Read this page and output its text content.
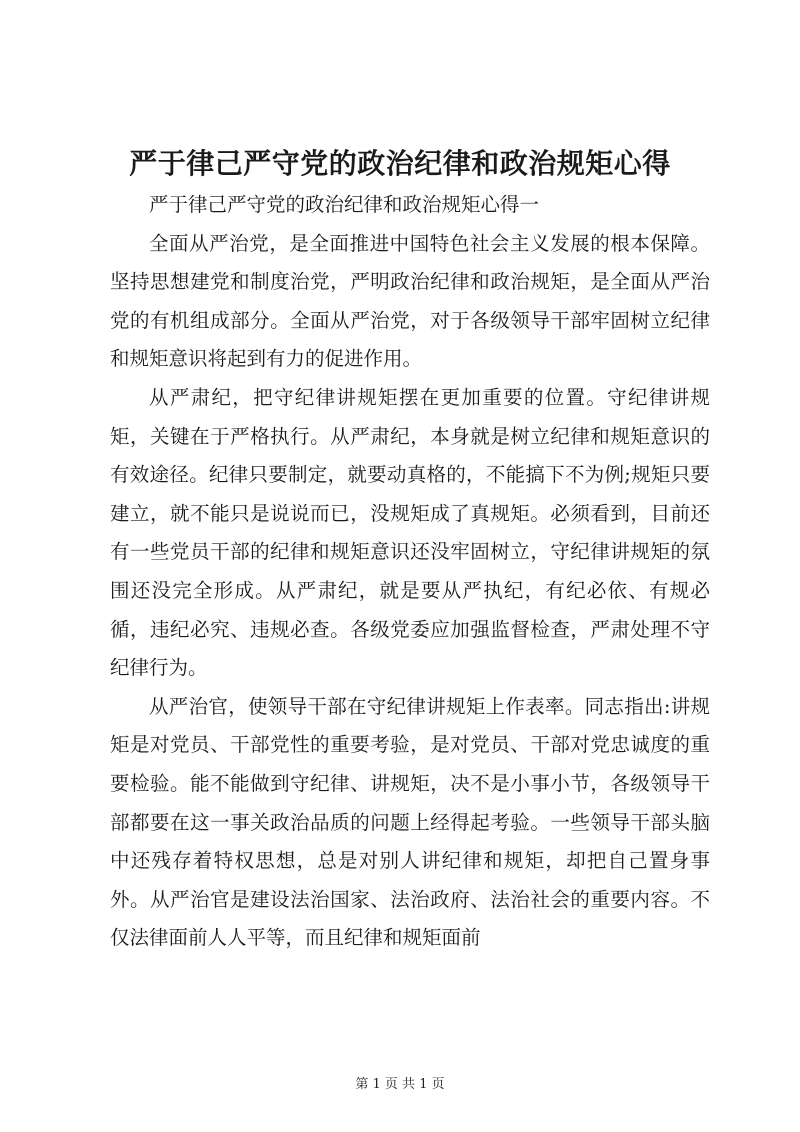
严于律己严守党的政治纪律和政治规矩心得

严于律己严守党的政治纪律和政治规矩心得一

全面从严治党，是全面推进中国特色社会主义发展的根本保障。坚持思想建党和制度治党，严明政治纪律和政治规矩，是全面从严治党的有机组成部分。全面从严治党，对于各级领导干部牢固树立纪律和规矩意识将起到有力的促进作用。

从严肃纪，把守纪律讲规矩摆在更加重要的位置。守纪律讲规矩，关键在于严格执行。从严肃纪，本身就是树立纪律和规矩意识的有效途径。纪律只要制定，就要动真格的，不能搞下不为例;规矩只要建立，就不能只是说说而已，没规矩成了真规矩。必须看到，目前还有一些党员干部的纪律和规矩意识还没牢固树立，守纪律讲规矩的氛围还没完全形成。从严肃纪，就是要从严执纪，有纪必依、有规必循，违纪必究、违规必查。各级党委应加强监督检查，严肃处理不守纪律行为。

从严治官，使领导干部在守纪律讲规矩上作表率。同志指出:讲规矩是对党员、干部党性的重要考验，是对党员、干部对党忠诚度的重要检验。能不能做到守纪律、讲规矩，决不是小事小节，各级领导干部都要在这一事关政治品质的问题上经得起考验。一些领导干部头脑中还残存着特权思想，总是对别人讲纪律和规矩，却把自己置身事外。从严治官是建设法治国家、法治政府、法治社会的重要内容。不仅法律面前人人平等，而且纪律和规矩面前

第 1 页 共 1 页
